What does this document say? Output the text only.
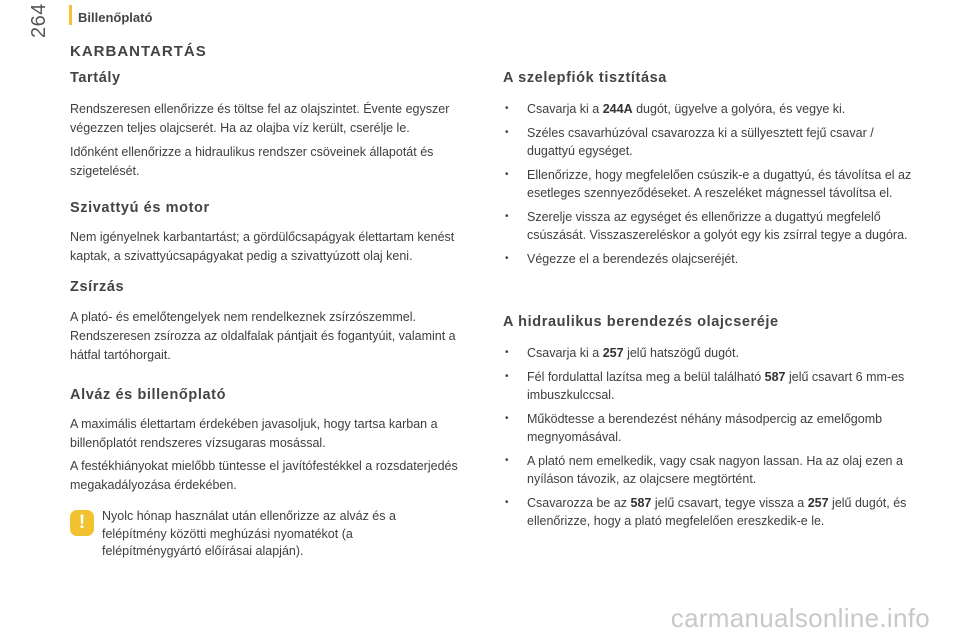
Billenőplató
264
KARBANTARTÁS
Tartály

Rendszeresen ellenőrizze és töltse fel az olajszintet. Évente egyszer végezzen teljes olajcserét. Ha az olajba víz került, cserélje le.

Időnként ellenőrizze a hidraulikus rendszer csöveinek állapotát és szigetelését.

Szivattyú és motor

Nem igényelnek karbantartást; a gördülőcsapágyak élettartam kenést kaptak, a szivattyúcsapágyakat pedig a szivattyúzott olaj keni.

Zsírzás

A plató- és emelőtengelyek nem rendelkeznek zsírzószemmel. Rendszeresen zsírozza az oldalfalak pántjait és fogantyúit, valamint a hátfal tartóhorgait.

Alváz és billenőplató

A maximális élettartam érdekében javasoljuk, hogy tartsa karban a billenőplatót rendszeres vízsugaras mosással.

A festékhiányokat mielőbb tüntesse el javítófestékkel a rozsdaterjedés megakadályozása érdekében.

!	Nyolc hónap használat után ellenőrizze az alváz és a felépítmény közötti meghúzási nyomatékot (a felépítménygyártó előírásai alapján).
A szelepfiók tisztítása
• Csavarja ki a 244A dugót, ügyelve a golyóra, és vegye ki.
• Széles csavarhúzóval csavarozza ki a süllyesztett fejű csavar / dugattyú egységet.
• Ellenőrizze, hogy megfelelően csúszik-e a dugattyú, és távolítsa el az esetleges szennyeződéseket. A reszeléket mágnessel távolítsa el.
• Szerelje vissza az egységet és ellenőrizze a dugattyú megfelelő csúszását. Visszaszereléskor a golyót egy kis zsírral tegye a dugóra.
• Végezze el a berendezés olajcseréjét.
A hidraulikus berendezés olajcseréje
• Csavarja ki a 257 jelű hatszögű dugót.
• Fél fordulattal lazítsa meg a belül található 587 jelű csavart 6 mm-es imbuszkulccsal.
• Működtesse a berendezést néhány másodpercig az emelőgomb megnyomásával.
• A plató nem emelkedik, vagy csak nagyon lassan. Ha az olaj ezen a nyíláson távozik, az olajcsere megtörtént.
• Csavarozza be az 587 jelű csavart, tegye vissza a 257 jelű dugót, és ellenőrizze, hogy a plató megfelelően ereszkedik-e le.
carmanualsonline.info
